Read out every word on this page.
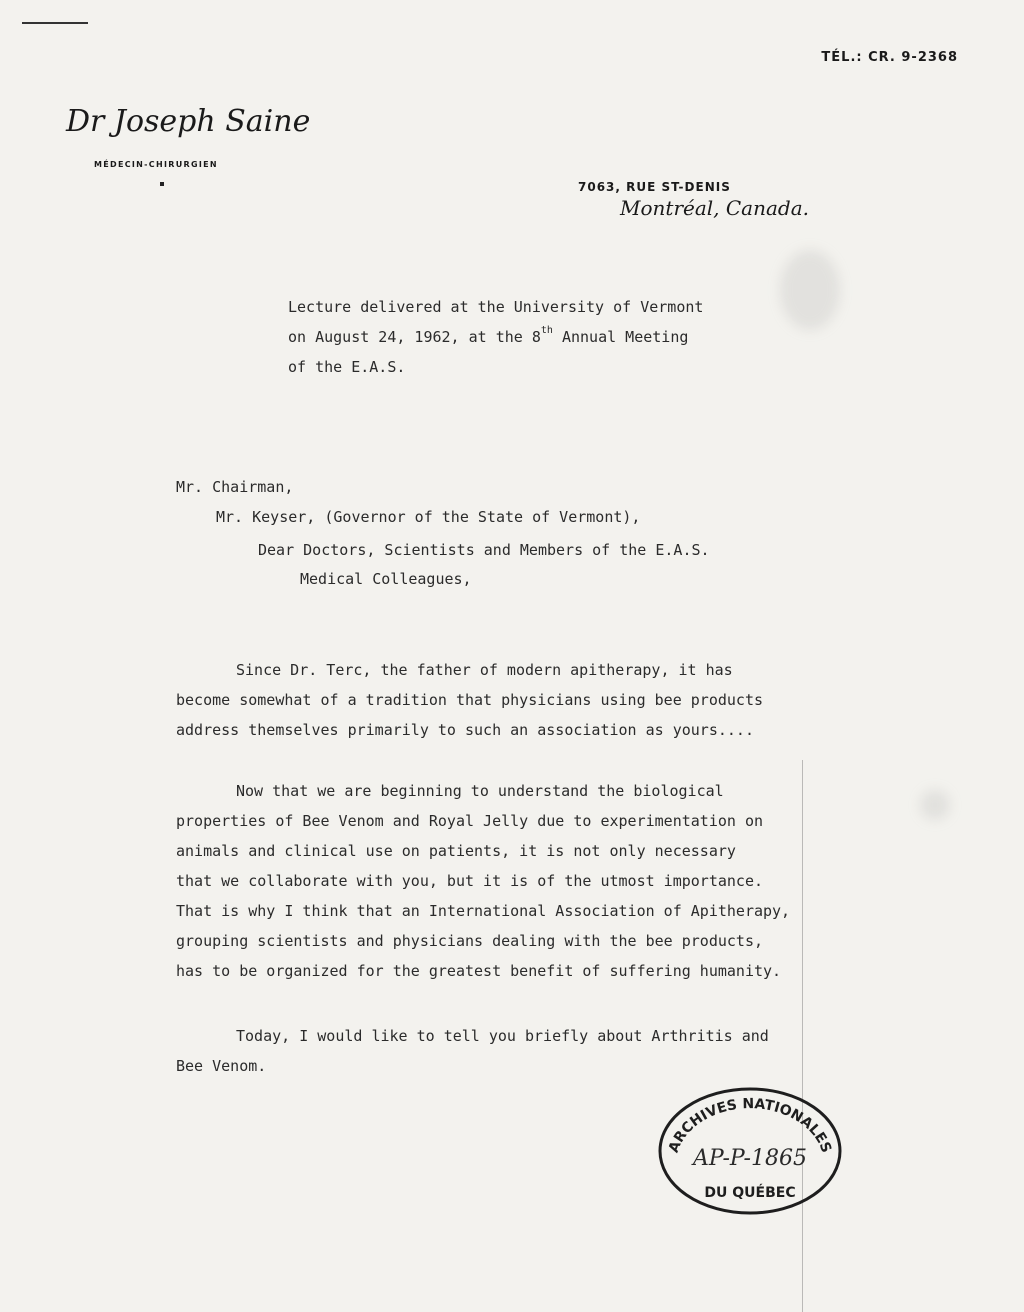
TÉL.: CR. 9-2368
Dr Joseph Saine
MÉDECIN-CHIRURGIEN
7063, RUE ST-DENIS
Montréal, Canada.
Lecture delivered at the University of Vermont
on August 24, 1962, at the 8th Annual Meeting
of the E.A.S.
Mr. Chairman,
Mr. Keyser, (Governor of the State of Vermont),
Dear Doctors, Scientists and Members of the E.A.S.
Medical Colleagues,
Since Dr. Terc, the father of modern apitherapy, it has
become somewhat of a tradition that physicians using bee products
address themselves primarily to such an association as yours....
Now that we are beginning to understand the biological
properties of Bee Venom and Royal Jelly due to experimentation on
animals and clinical use on patients, it is not only necessary
that we collaborate with you, but it is of the utmost importance.
That is why I think that an International Association of Apitherapy,
grouping scientists and physicians dealing with the bee products,
has to be organized for the greatest benefit of suffering humanity.
Today, I would like to tell you briefly about Arthritis and
Bee Venom.
ARCHIVES NATIONALES
AP-P-1865
DU QUÉBEC
